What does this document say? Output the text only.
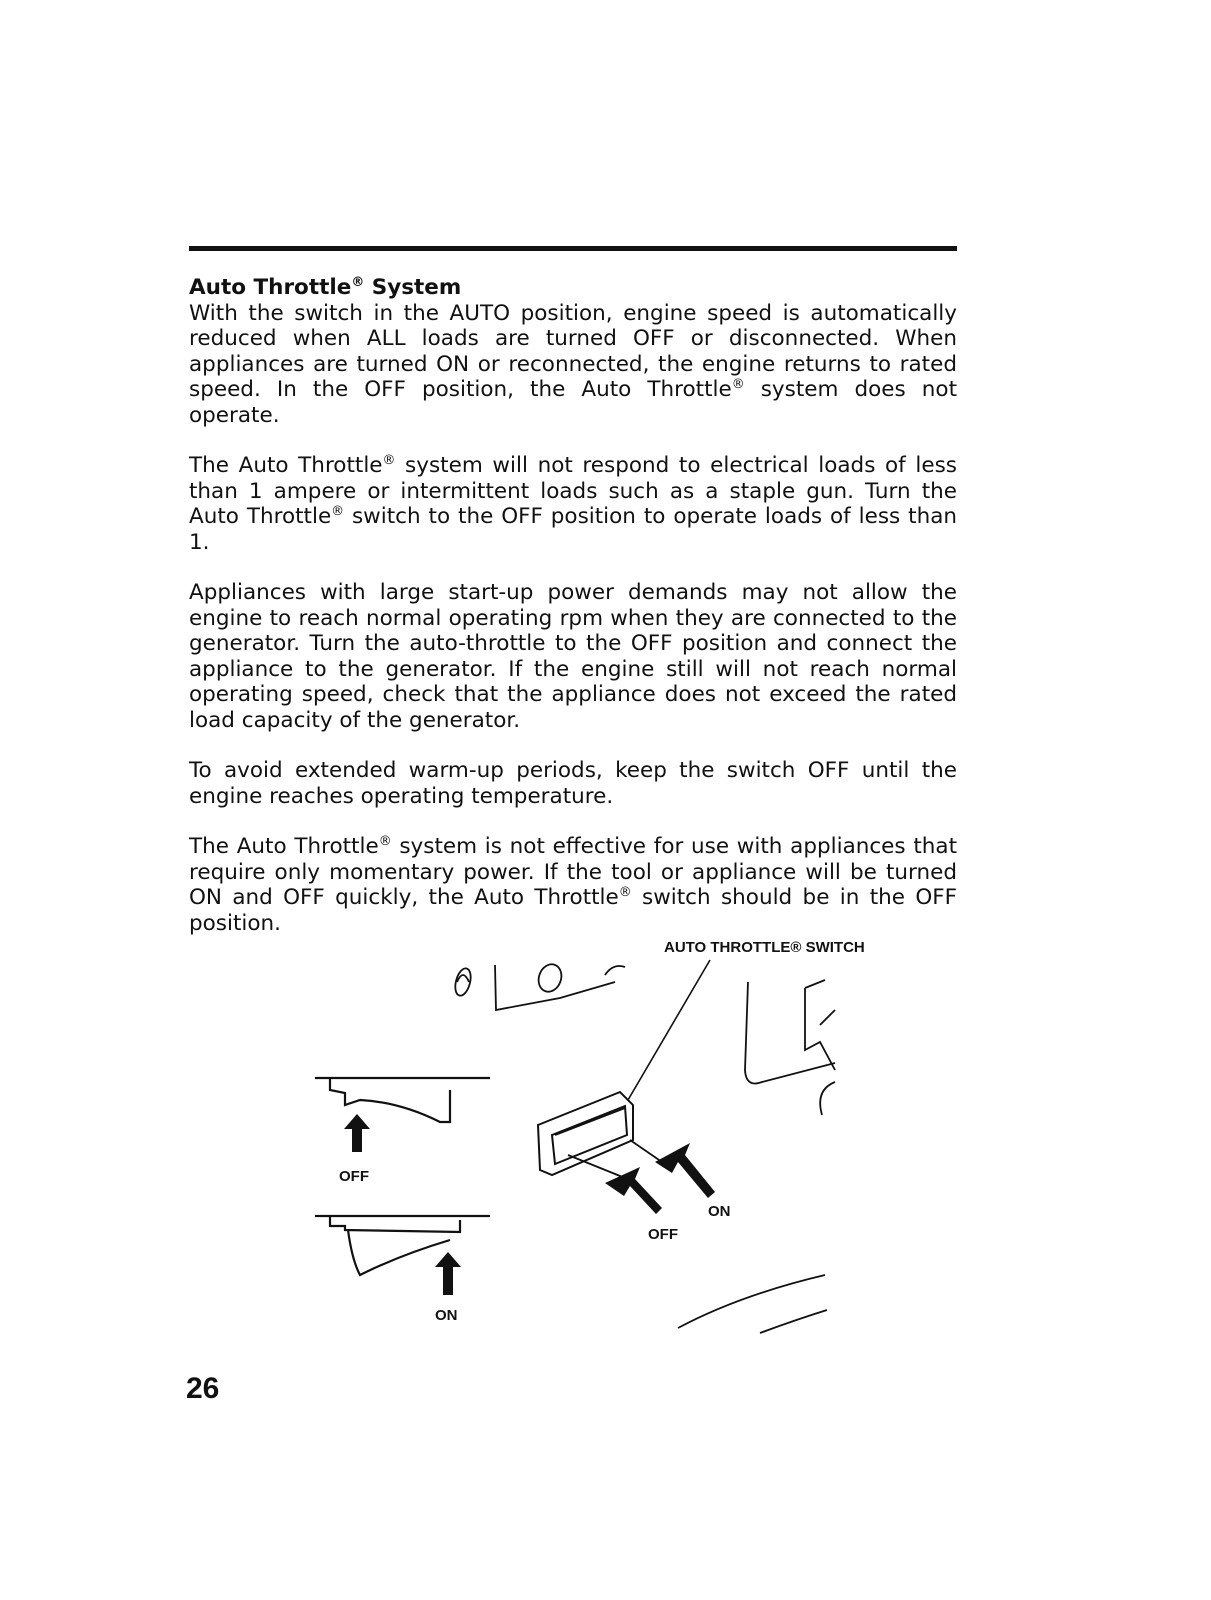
Auto Throttle® System

With the switch in the AUTO position, engine speed is automatically reduced when ALL loads are turned OFF or disconnected. When appliances are turned ON or reconnected, the engine returns to rated speed. In the OFF position, the Auto Throttle® system does not operate.

The Auto Throttle® system will not respond to electrical loads of less than 1 ampere or intermittent loads such as a staple gun. Turn the Auto Throttle® switch to the OFF position to operate loads of less than 1.

Appliances with large start-up power demands may not allow the engine to reach normal operating rpm when they are connected to the generator. Turn the auto-throttle to the OFF position and connect the appliance to the generator. If the engine still will not reach normal operating speed, check that the appliance does not exceed the rated load capacity of the generator.

To avoid extended warm-up periods, keep the switch OFF until the engine reaches operating temperature.

The Auto Throttle® system is not effective for use with appliances that require only momentary power. If the tool or appliance will be turned ON and OFF quickly, the Auto Throttle® switch should be in the OFF position.

AUTO THROTTLE® SWITCH
OFF
ON
OFF
ON
26
